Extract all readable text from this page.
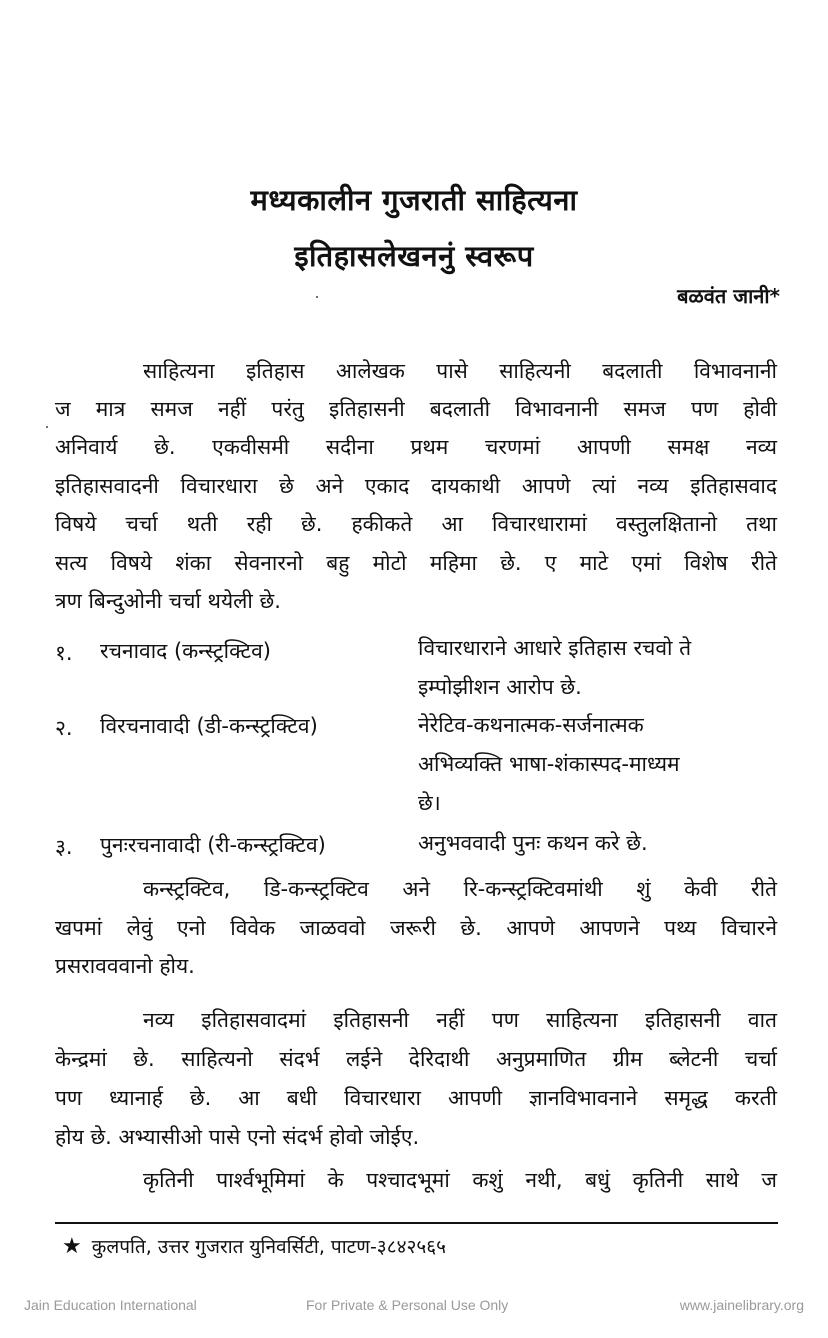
मध्यकालीन गुजराती साहित्यना
इतिहासलेखननुं स्वरूप
बळवंत जानी*
साहित्यना इतिहास आलेखक पासे साहित्यनी बदलाती विभावनानी
ज मात्र समज नहीं परंतु इतिहासनी बदलाती विभावनानी समज पण होवी
अनिवार्य छे. एकवीसमी सदीना प्रथम चरणमां आपणी समक्ष नव्य
इतिहासवादनी विचारधारा छे अने एकाद दायकाथी आपणे त्यां नव्य इतिहासवाद
विषये चर्चा थती रही छे. हकीकते आ विचारधारामां वस्तुलक्षितानो तथा
सत्य विषये शंका सेवनारनो बहु मोटो महिमा छे. ए माटे एमां विशेष रीते
त्रण बिन्दुओनी चर्चा थयेली छे.
१. रचनावाद (कन्स्ट्रक्टिव)	विचारधाराने आधारे इतिहास रचवो ते
इम्पोझीशन आरोप छे.
२. विरचनावादी (डी-कन्स्ट्रक्टिव)	नेरेटिव-कथनात्मक-सर्जनात्मक
अभिव्यक्ति भाषा-शंकास्पद-माध्यम
छे।
३. पुनःरचनावादी (री-कन्स्ट्रक्टिव)	अनुभववादी पुनः कथन करे छे.
कन्स्ट्रक्टिव, डि-कन्स्ट्रक्टिव अने रि-कन्स्ट्रक्टिवमांथी शुं केवी रीते
खपमां लेवुं एनो विवेक जाळववो जरूरी छे. आपणे आपणने पथ्य विचारने
प्रसरावववानो होय.
नव्य इतिहासवादमां इतिहासनी नहीं पण साहित्यना इतिहासनी वात
केन्द्रमां छे. साहित्यनो संदर्भ लईने देरिदाथी अनुप्रमाणित ग्रीम ब्लेटनी चर्चा
पण ध्यानार्ह छे. आ बधी विचारधारा आपणी ज्ञानविभावनाने समृद्ध करती
होय छे. अभ्यासीओ पासे एनो संदर्भ होवो जोईए.
कृतिनी पार्श्वभूमिमां के पश्चादभूमां कशुं नथी, बधुं कृतिनी साथे ज
★ कुलपति, उत्तर गुजरात युनिवर्सिटी, पाटण-३८४२५६५
Jain Education International	For Private & Personal Use Only	www.jainelibrary.org
